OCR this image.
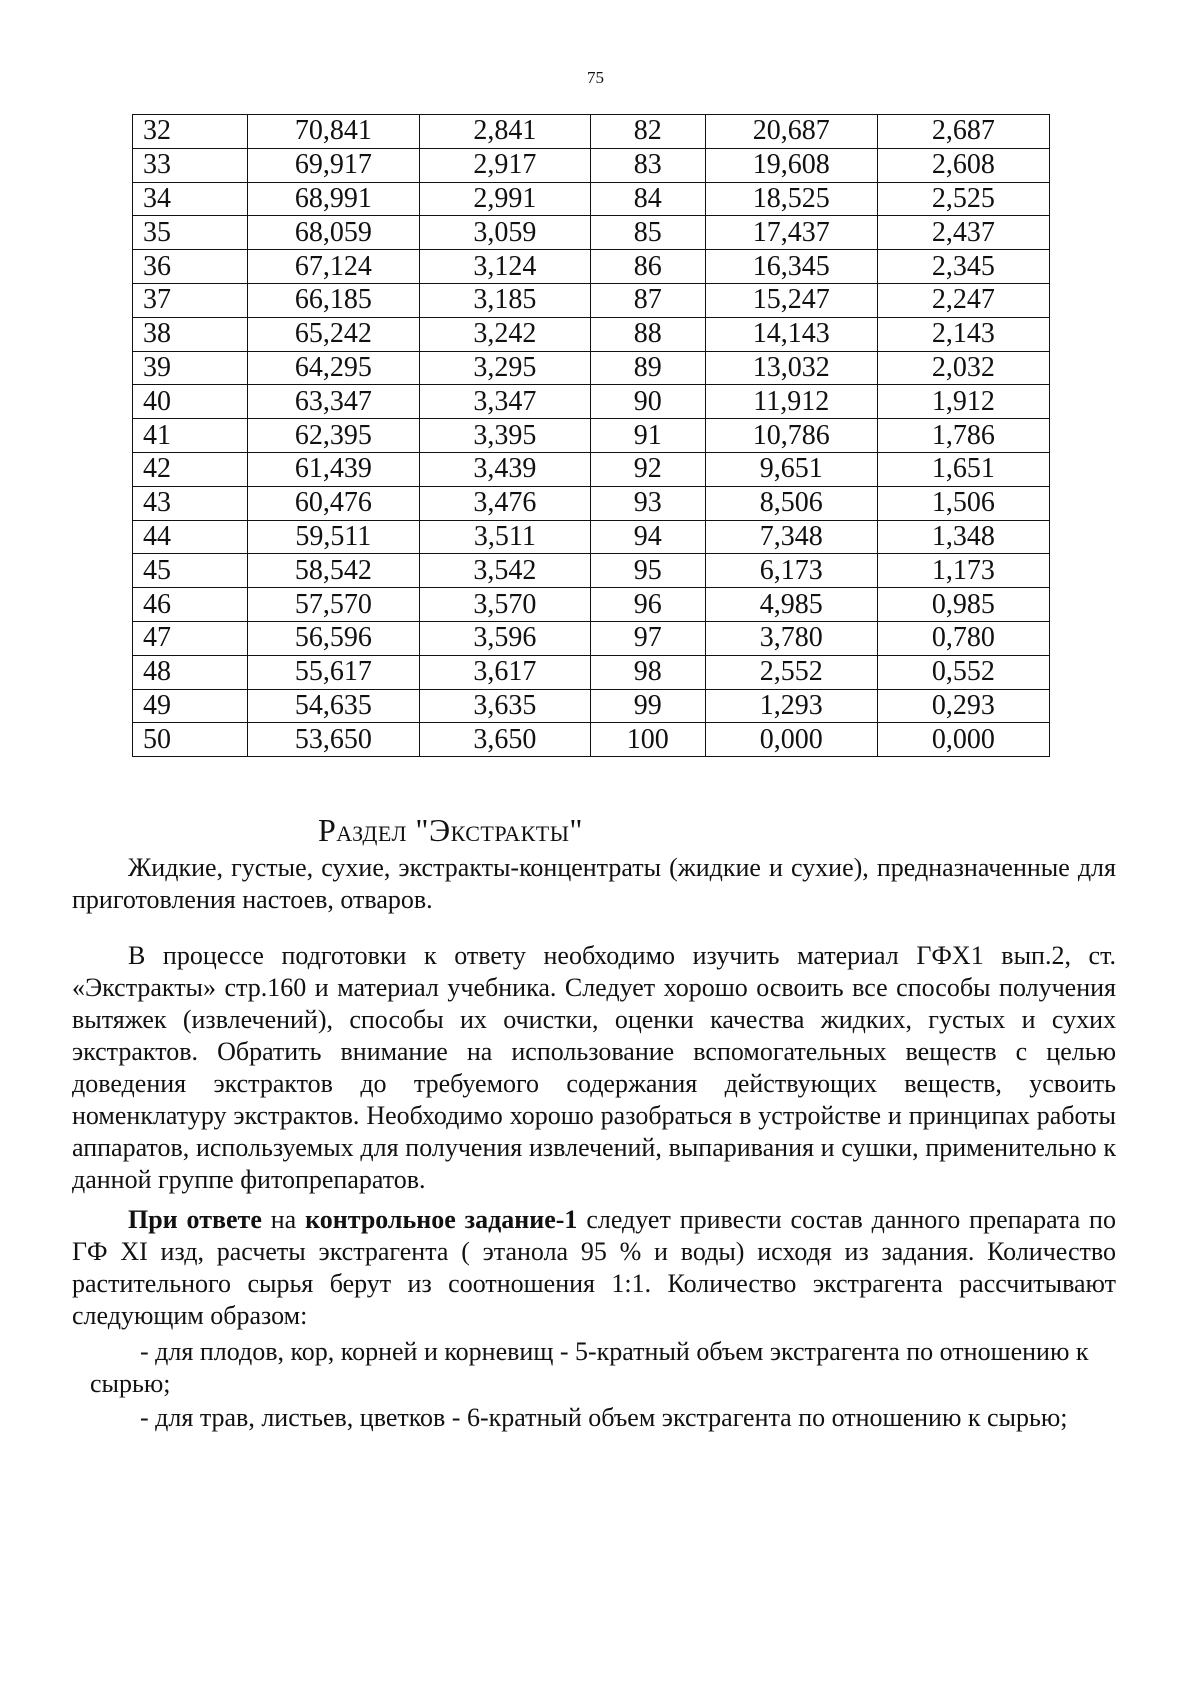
75
32	70,841	2,841	82	20,687	2,687
33	69,917	2,917	83	19,608	2,608
34	68,991	2,991	84	18,525	2,525
35	68,059	3,059	85	17,437	2,437
36	67,124	3,124	86	16,345	2,345
37	66,185	3,185	87	15,247	2,247
38	65,242	3,242	88	14,143	2,143
39	64,295	3,295	89	13,032	2,032
40	63,347	3,347	90	11,912	1,912
41	62,395	3,395	91	10,786	1,786
42	61,439	3,439	92	9,651	1,651
43	60,476	3,476	93	8,506	1,506
44	59,511	3,511	94	7,348	1,348
45	58,542	3,542	95	6,173	1,173
46	57,570	3,570	96	4,985	0,985
47	56,596	3,596	97	3,780	0,780
48	55,617	3,617	98	2,552	0,552
49	54,635	3,635	99	1,293	0,293
50	53,650	3,650	100	0,000	0,000
Раздел "Экстракты"

Жидкие, густые, сухие, экстракты-концентраты (жидкие и сухие), предназначенные для приготовления настоев, отваров.

В процессе подготовки к ответу необходимо изучить материал ГФХ1 вып.2, ст. «Экстракты» стр.160 и материал учебника. Следует хорошо освоить все способы получения вытяжек (извлечений), способы их очистки, оценки качества жидких, густых и сухих экстрактов. Обратить внимание на использование вспомогательных веществ с целью доведения экстрактов до требуемого содержания действующих веществ, усвоить номенклатуру экстрактов. Необходимо хорошо разобраться в устройстве и принципах работы аппаратов, используемых для получения извлечений, выпаривания и сушки, применительно к данной группе фитопрепаратов.

При ответе на контрольное задание-1 следует привести состав данного препарата по ГФ XI изд, расчеты экстрагента ( этанола 95 % и воды) исходя из задания. Количество растительного сырья берут из соотношения 1:1. Количество экстрагента рассчитывают следующим образом:

- для плодов, кор, корней и корневищ - 5-кратный объем экстрагента по отношению к сырью;

- для трав, листьев, цветков - 6-кратный объем экстрагента по отношению к сырью;
